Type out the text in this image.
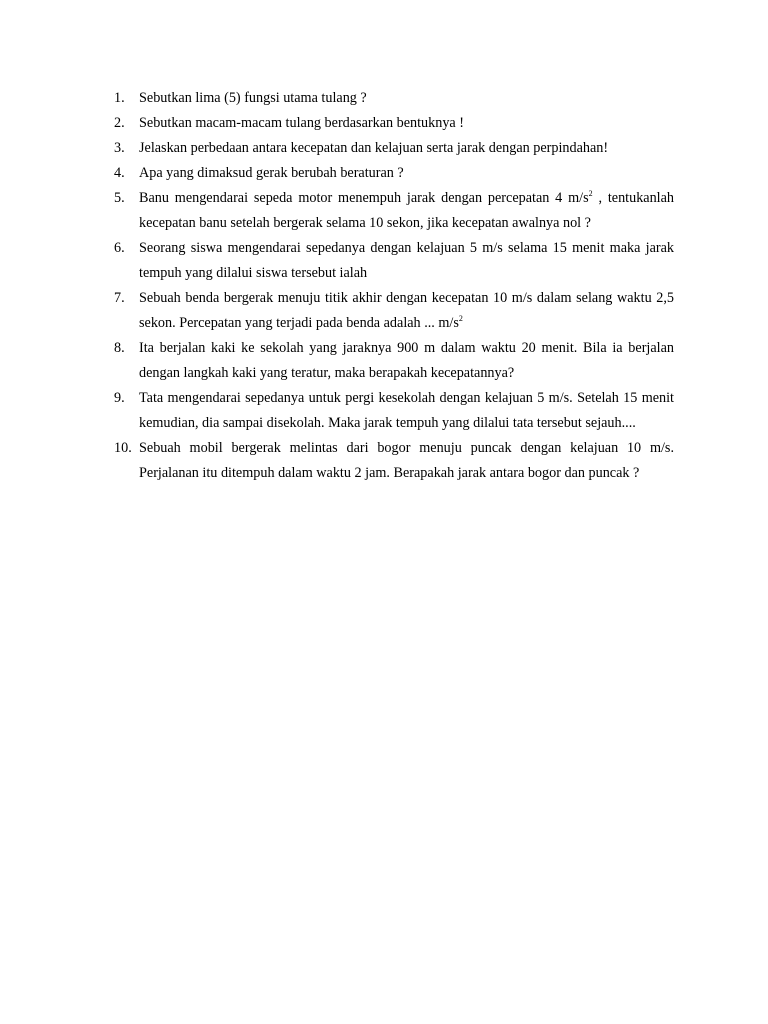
1.	Sebutkan lima (5) fungsi utama tulang ?
2.	Sebutkan macam-macam tulang berdasarkan bentuknya !
3.	Jelaskan perbedaan antara kecepatan dan kelajuan serta jarak dengan perpindahan!
4.	Apa yang dimaksud gerak berubah beraturan ?
5.	Banu mengendarai sepeda motor menempuh jarak dengan percepatan 4 $m/s^2$ , tentukanlah kecepatan banu setelah bergerak selama 10 sekon, jika kecepatan awalnya nol ?
6.	Seorang siswa mengendarai sepedanya dengan kelajuan 5 m/s selama 15 menit maka jarak tempuh yang dilalui siswa tersebut ialah
7.	Sebuah benda bergerak menuju titik akhir dengan kecepatan 10 m/s dalam selang waktu 2,5 sekon. Percepatan yang terjadi pada benda adalah ... $m/s^2$
8.	Ita berjalan kaki ke sekolah yang jaraknya 900 m dalam waktu 20 menit. Bila ia berjalan dengan langkah kaki yang teratur, maka berapakah kecepatannya?
9.	Tata mengendarai sepedanya untuk pergi kesekolah dengan kelajuan 5 m/s. Setelah 15 menit kemudian, dia sampai disekolah. Maka jarak tempuh yang dilalui tata tersebut sejauh....
10. Sebuah mobil bergerak melintas dari bogor menuju puncak dengan kelajuan 10 m/s. Perjalanan itu ditempuh dalam waktu 2 jam. Berapakah jarak antara bogor dan puncak ?
